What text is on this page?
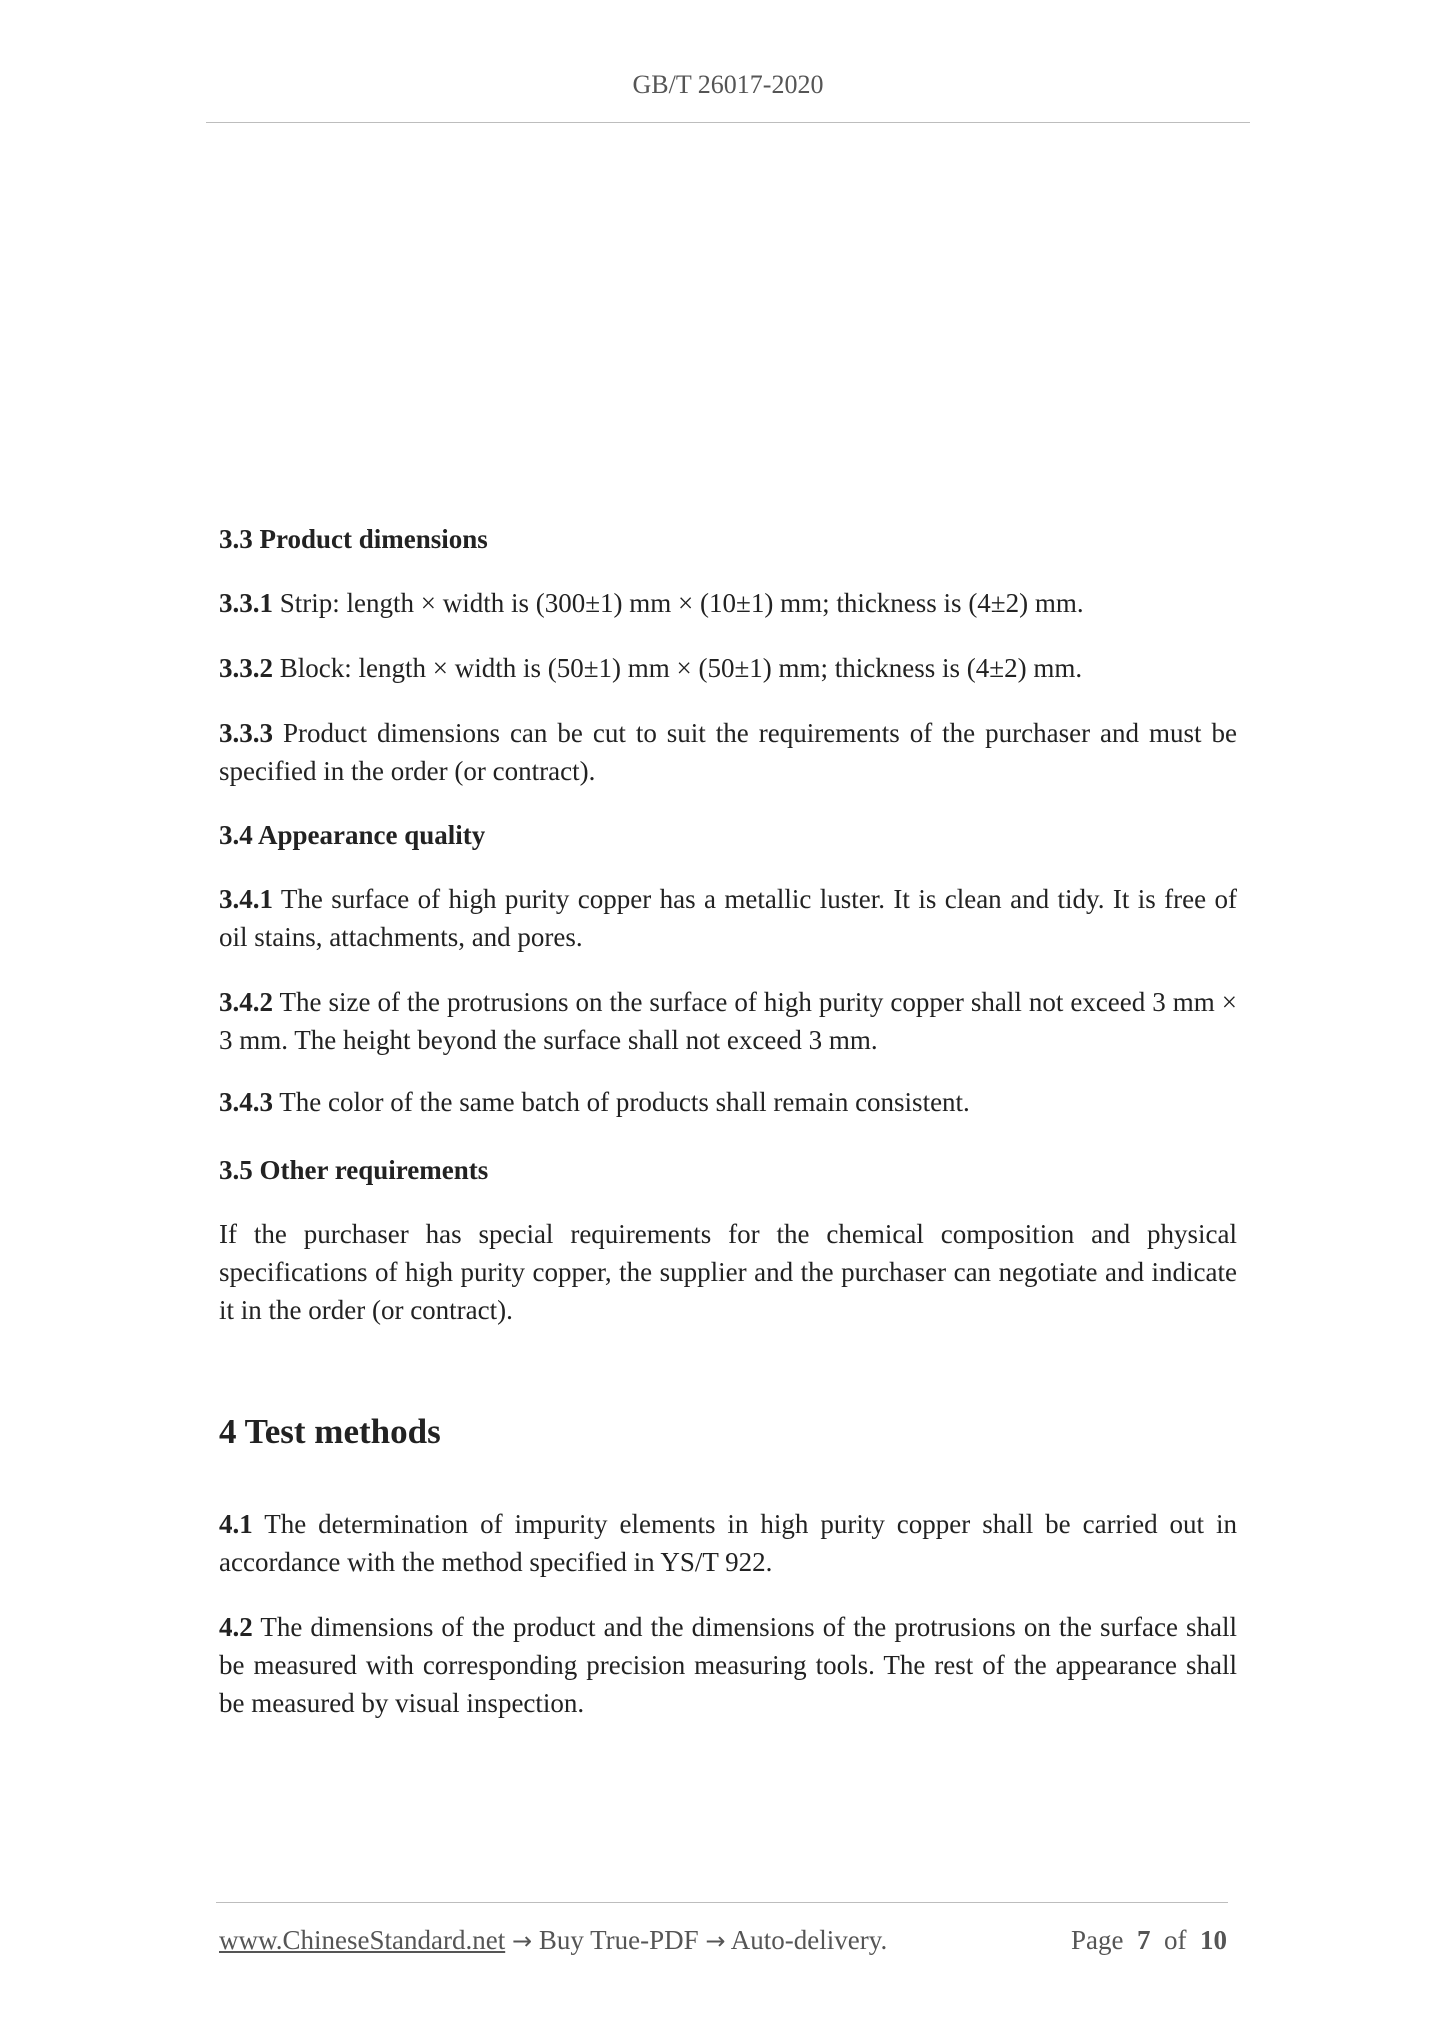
GB/T 26017-2020

3.3 Product dimensions

3.3.1 Strip: length × width is (300±1) mm × (10±1) mm; thickness is (4±2) mm.

3.3.2 Block: length × width is (50±1) mm × (50±1) mm; thickness is (4±2) mm.

3.3.3 Product dimensions can be cut to suit the requirements of the purchaser and must be specified in the order (or contract).

3.4 Appearance quality

3.4.1 The surface of high purity copper has a metallic luster. It is clean and tidy. It is free of oil stains, attachments, and pores.

3.4.2 The size of the protrusions on the surface of high purity copper shall not exceed 3 mm × 3 mm. The height beyond the surface shall not exceed 3 mm.

3.4.3 The color of the same batch of products shall remain consistent.

3.5 Other requirements

If the purchaser has special requirements for the chemical composition and physical specifications of high purity copper, the supplier and the purchaser can negotiate and indicate it in the order (or contract).

4 Test methods

4.1 The determination of impurity elements in high purity copper shall be carried out in accordance with the method specified in YS/T 922.

4.2 The dimensions of the product and the dimensions of the protrusions on the surface shall be measured with corresponding precision measuring tools. The rest of the appearance shall be measured by visual inspection.

www.ChineseStandard.net → Buy True-PDF → Auto-delivery.	Page 7 of 10
